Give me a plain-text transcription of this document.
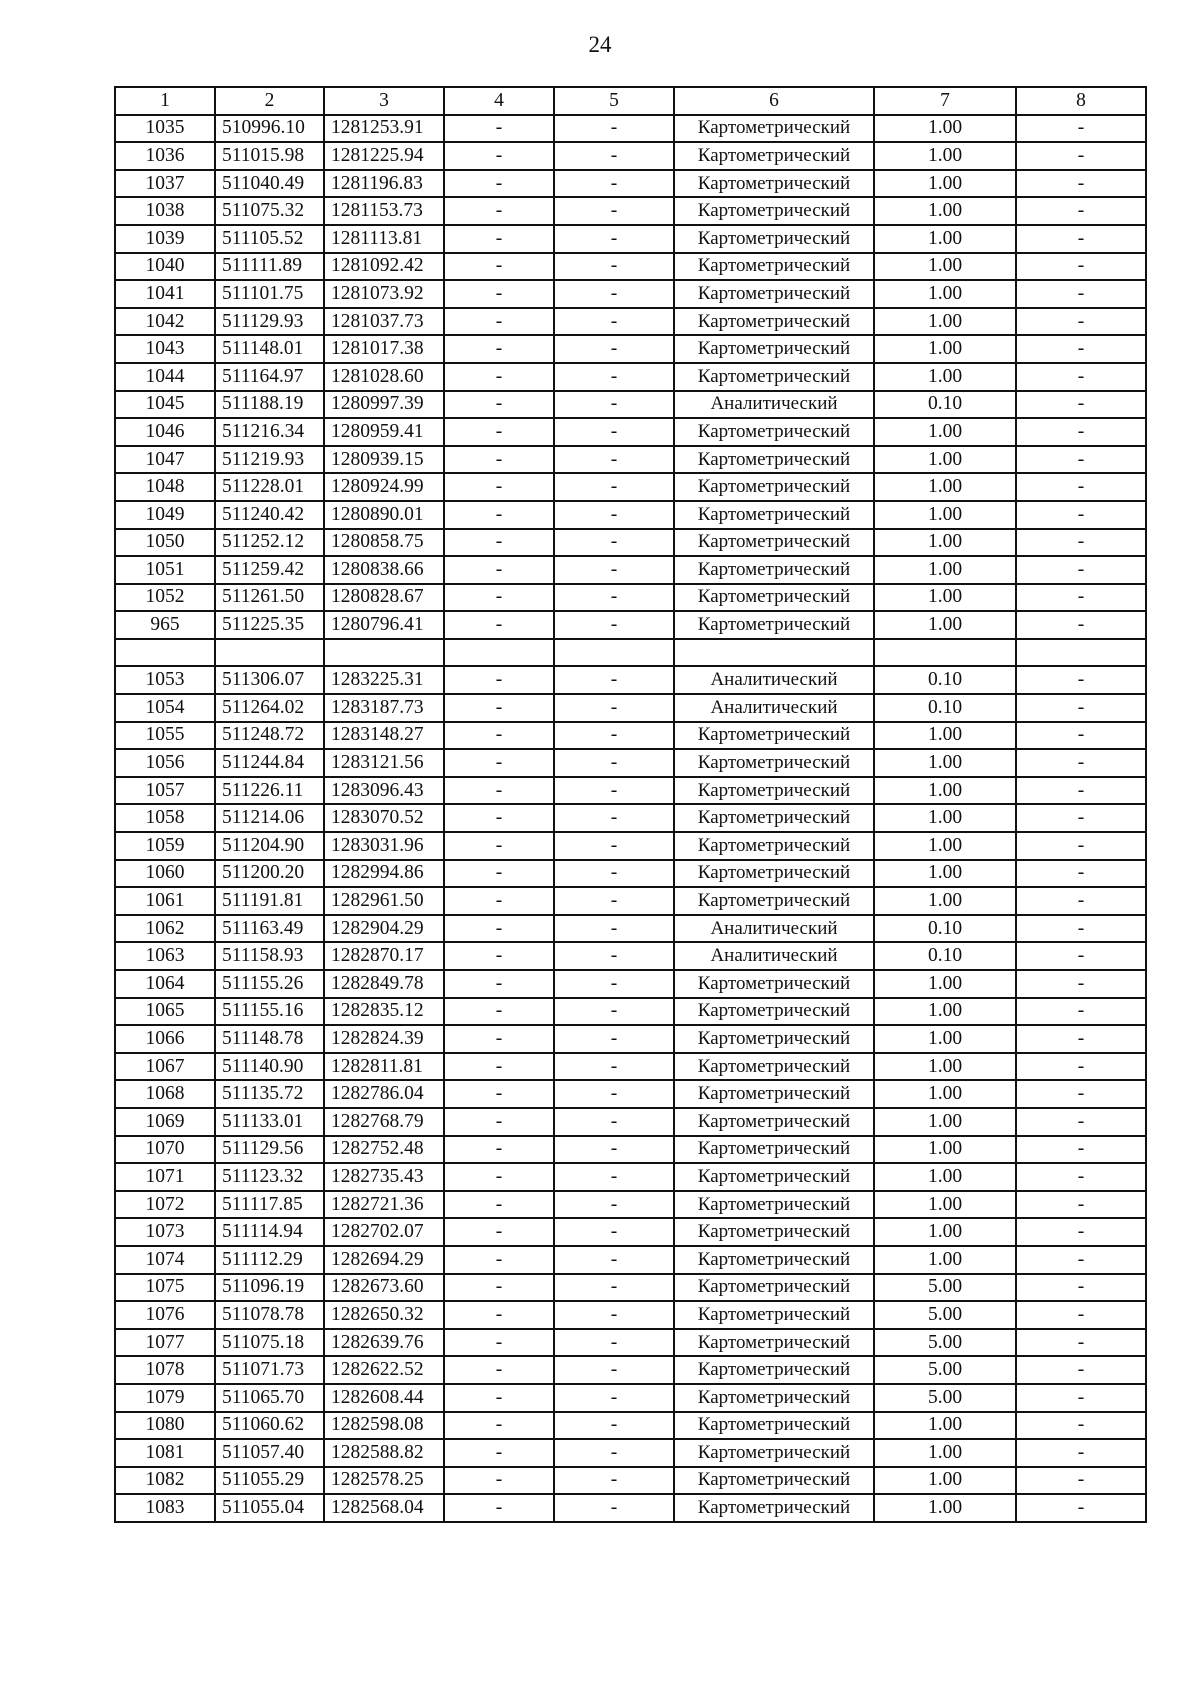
24
1	2	3	4	5	6	7	8
1035	510996.10	1281253.91	-	-	Картометрический	1.00	-
1036	511015.98	1281225.94	-	-	Картометрический	1.00	-
1037	511040.49	1281196.83	-	-	Картометрический	1.00	-
1038	511075.32	1281153.73	-	-	Картометрический	1.00	-
1039	511105.52	1281113.81	-	-	Картометрический	1.00	-
1040	511111.89	1281092.42	-	-	Картометрический	1.00	-
1041	511101.75	1281073.92	-	-	Картометрический	1.00	-
1042	511129.93	1281037.73	-	-	Картометрический	1.00	-
1043	511148.01	1281017.38	-	-	Картометрический	1.00	-
1044	511164.97	1281028.60	-	-	Картометрический	1.00	-
1045	511188.19	1280997.39	-	-	Аналитический	0.10	-
1046	511216.34	1280959.41	-	-	Картометрический	1.00	-
1047	511219.93	1280939.15	-	-	Картометрический	1.00	-
1048	511228.01	1280924.99	-	-	Картометрический	1.00	-
1049	511240.42	1280890.01	-	-	Картометрический	1.00	-
1050	511252.12	1280858.75	-	-	Картометрический	1.00	-
1051	511259.42	1280838.66	-	-	Картометрический	1.00	-
1052	511261.50	1280828.67	-	-	Картометрический	1.00	-
965	511225.35	1280796.41	-	-	Картометрический	1.00	-

1053	511306.07	1283225.31	-	-	Аналитический	0.10	-
1054	511264.02	1283187.73	-	-	Аналитический	0.10	-
1055	511248.72	1283148.27	-	-	Картометрический	1.00	-
1056	511244.84	1283121.56	-	-	Картометрический	1.00	-
1057	511226.11	1283096.43	-	-	Картометрический	1.00	-
1058	511214.06	1283070.52	-	-	Картометрический	1.00	-
1059	511204.90	1283031.96	-	-	Картометрический	1.00	-
1060	511200.20	1282994.86	-	-	Картометрический	1.00	-
1061	511191.81	1282961.50	-	-	Картометрический	1.00	-
1062	511163.49	1282904.29	-	-	Аналитический	0.10	-
1063	511158.93	1282870.17	-	-	Аналитический	0.10	-
1064	511155.26	1282849.78	-	-	Картометрический	1.00	-
1065	511155.16	1282835.12	-	-	Картометрический	1.00	-
1066	511148.78	1282824.39	-	-	Картометрический	1.00	-
1067	511140.90	1282811.81	-	-	Картометрический	1.00	-
1068	511135.72	1282786.04	-	-	Картометрический	1.00	-
1069	511133.01	1282768.79	-	-	Картометрический	1.00	-
1070	511129.56	1282752.48	-	-	Картометрический	1.00	-
1071	511123.32	1282735.43	-	-	Картометрический	1.00	-
1072	511117.85	1282721.36	-	-	Картометрический	1.00	-
1073	511114.94	1282702.07	-	-	Картометрический	1.00	-
1074	511112.29	1282694.29	-	-	Картометрический	1.00	-
1075	511096.19	1282673.60	-	-	Картометрический	5.00	-
1076	511078.78	1282650.32	-	-	Картометрический	5.00	-
1077	511075.18	1282639.76	-	-	Картометрический	5.00	-
1078	511071.73	1282622.52	-	-	Картометрический	5.00	-
1079	511065.70	1282608.44	-	-	Картометрический	5.00	-
1080	511060.62	1282598.08	-	-	Картометрический	1.00	-
1081	511057.40	1282588.82	-	-	Картометрический	1.00	-
1082	511055.29	1282578.25	-	-	Картометрический	1.00	-
1083	511055.04	1282568.04	-	-	Картометрический	1.00	-
